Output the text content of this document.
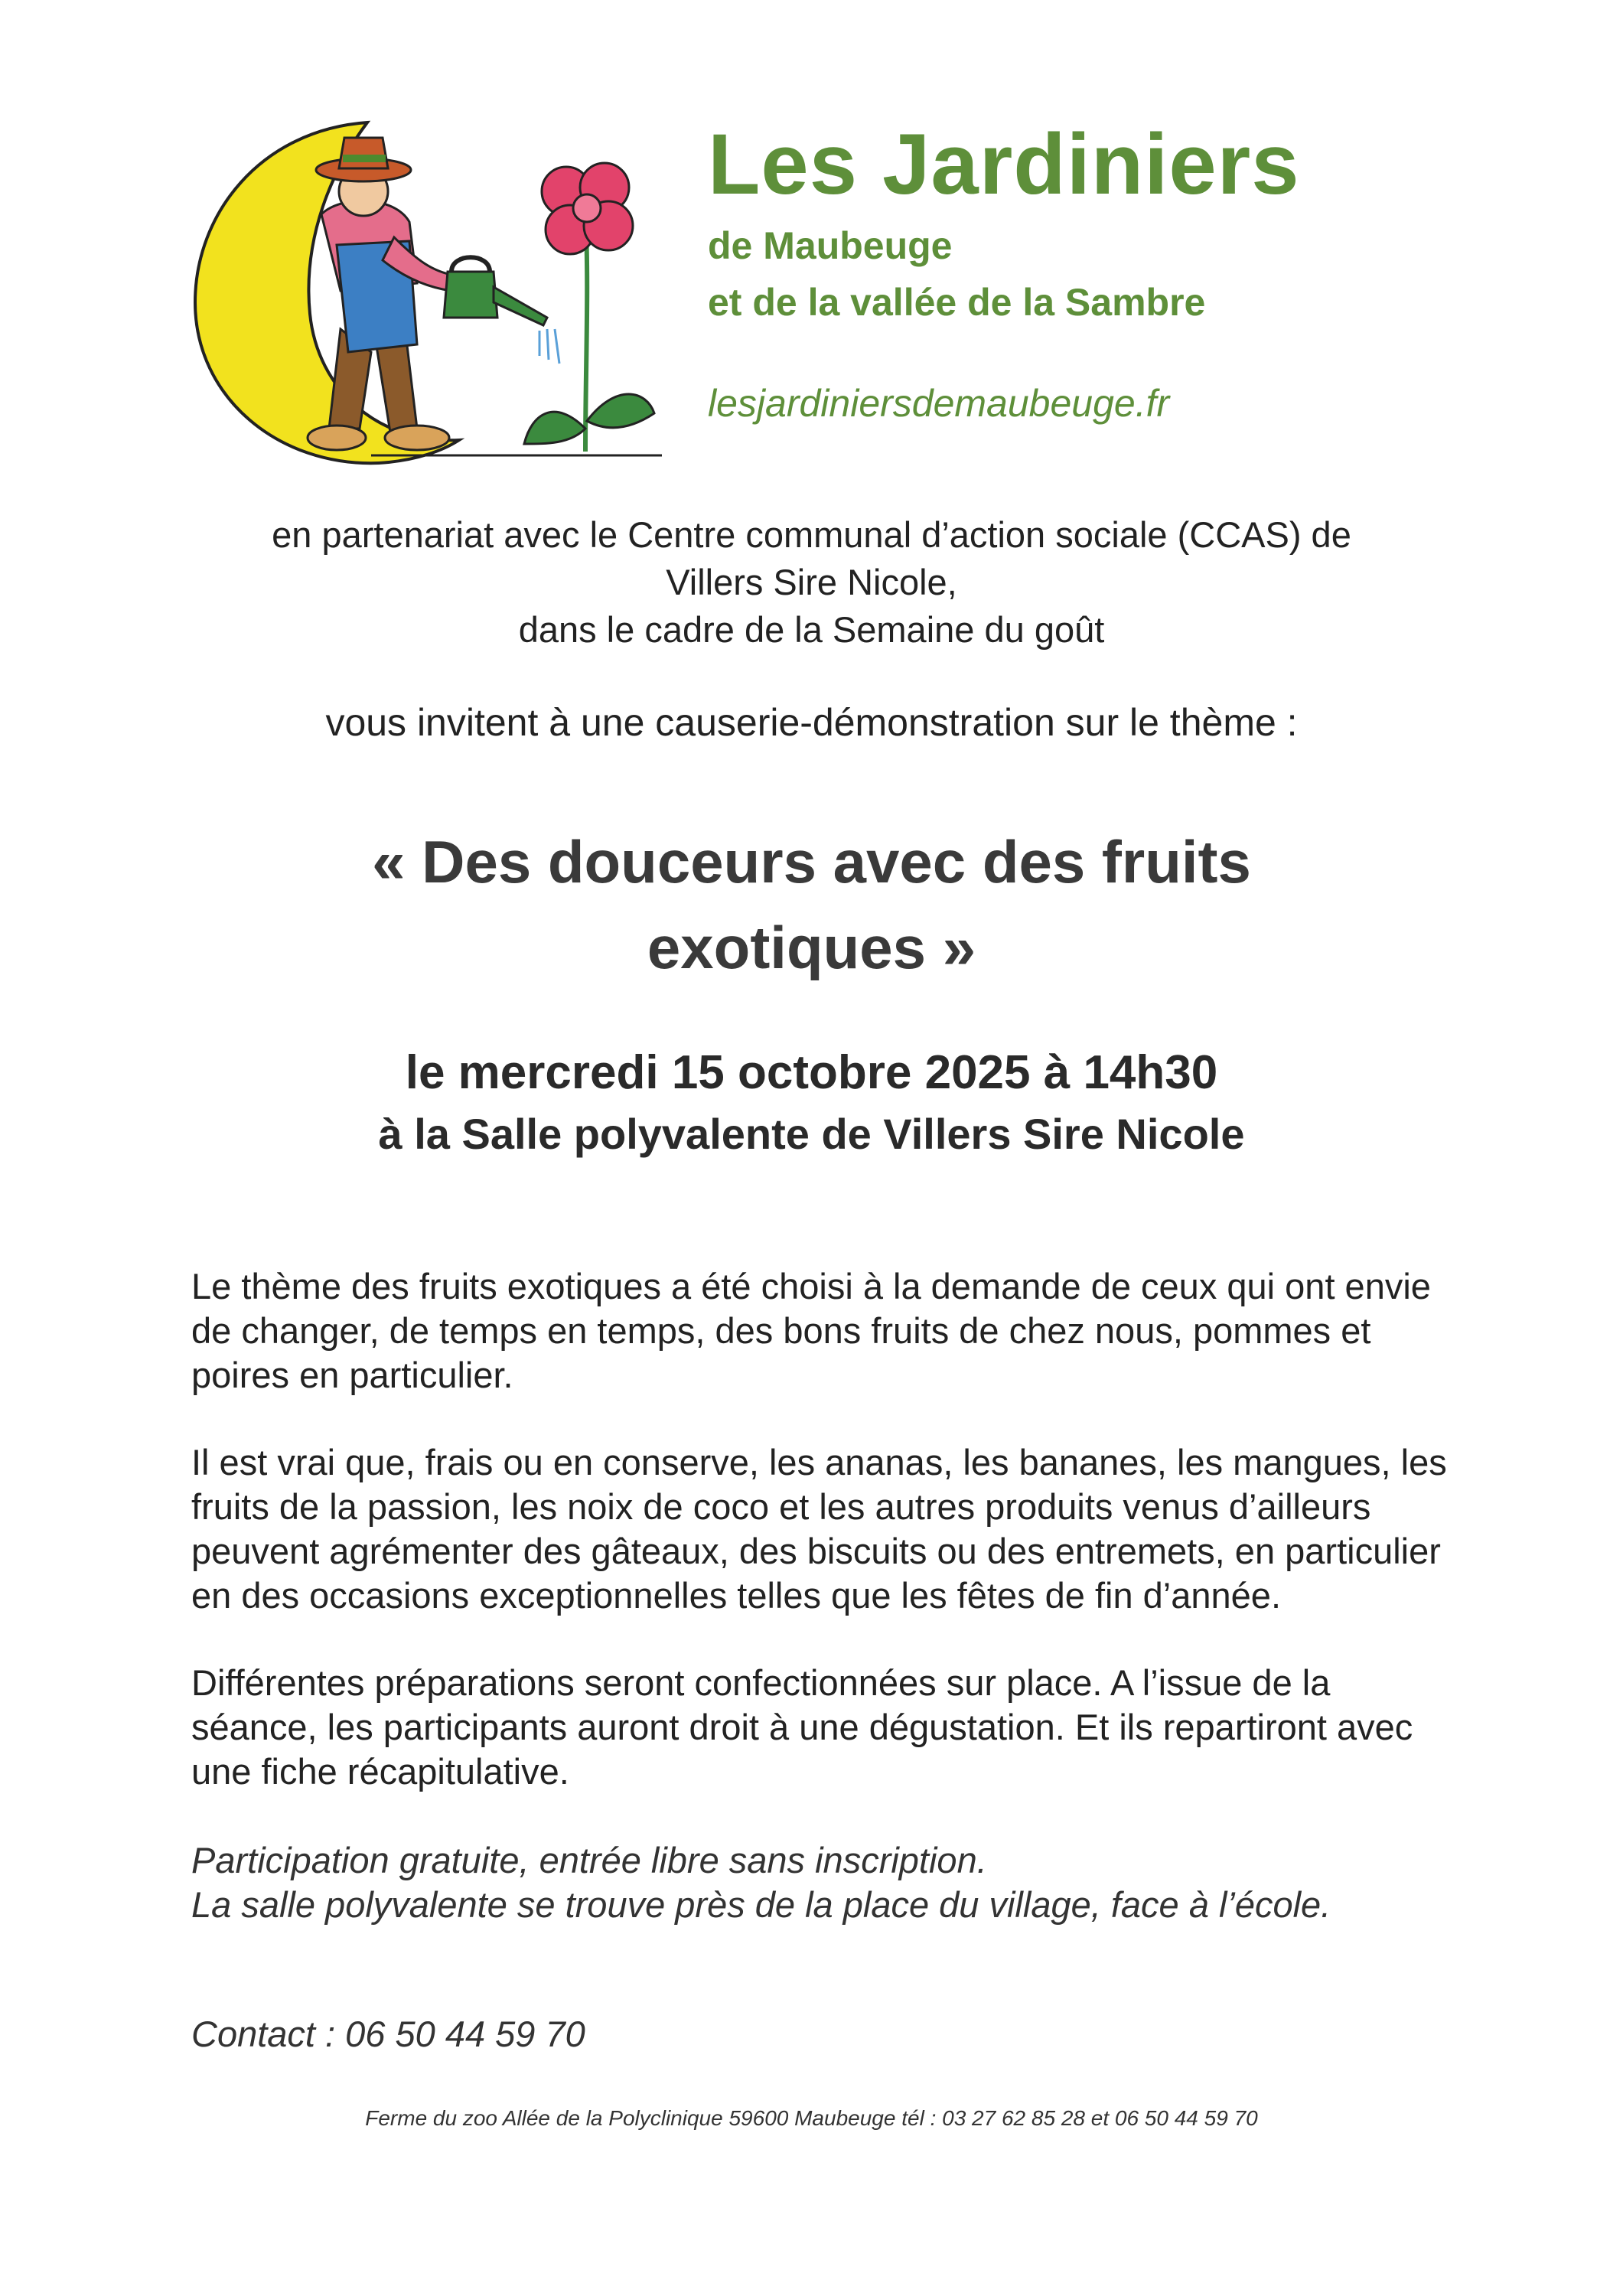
Les Jardiniers
de Maubeuge
et de la vallée de la Sambre
lesjardiniersdemaubeuge.fr
en partenariat avec le Centre communal d’action sociale (CCAS) de
Villers Sire Nicole,
dans le cadre de la Semaine du goût
vous invitent à une causerie-démonstration sur le thème :
« Des douceurs avec des fruits
exotiques »
le mercredi 15 octobre 2025 à 14h30
à la Salle polyvalente de Villers Sire Nicole

Le thème des fruits exotiques a été choisi à la demande de ceux qui ont envie
de changer, de temps en temps, des bons fruits de chez nous, pommes et
poires en particulier.

Il est vrai que, frais ou en conserve, les ananas, les bananes, les mangues, les
fruits de la passion, les noix de coco et les autres produits venus d’ailleurs
peuvent agrémenter des gâteaux, des biscuits ou des entremets, en particulier
en des occasions exceptionnelles telles que les fêtes de fin d’année.

Différentes préparations seront confectionnées sur place. A l’issue de la
séance, les participants auront droit à une dégustation. Et ils repartiront avec
une fiche récapitulative.

Participation gratuite, entrée libre sans inscription.
La salle polyvalente se trouve près de la place du village, face à l’école.
Contact : 06 50 44 59 70
Ferme du zoo Allée de la Polyclinique 59600 Maubeuge tél : 03 27 62 85 28 et 06 50 44 59 70
